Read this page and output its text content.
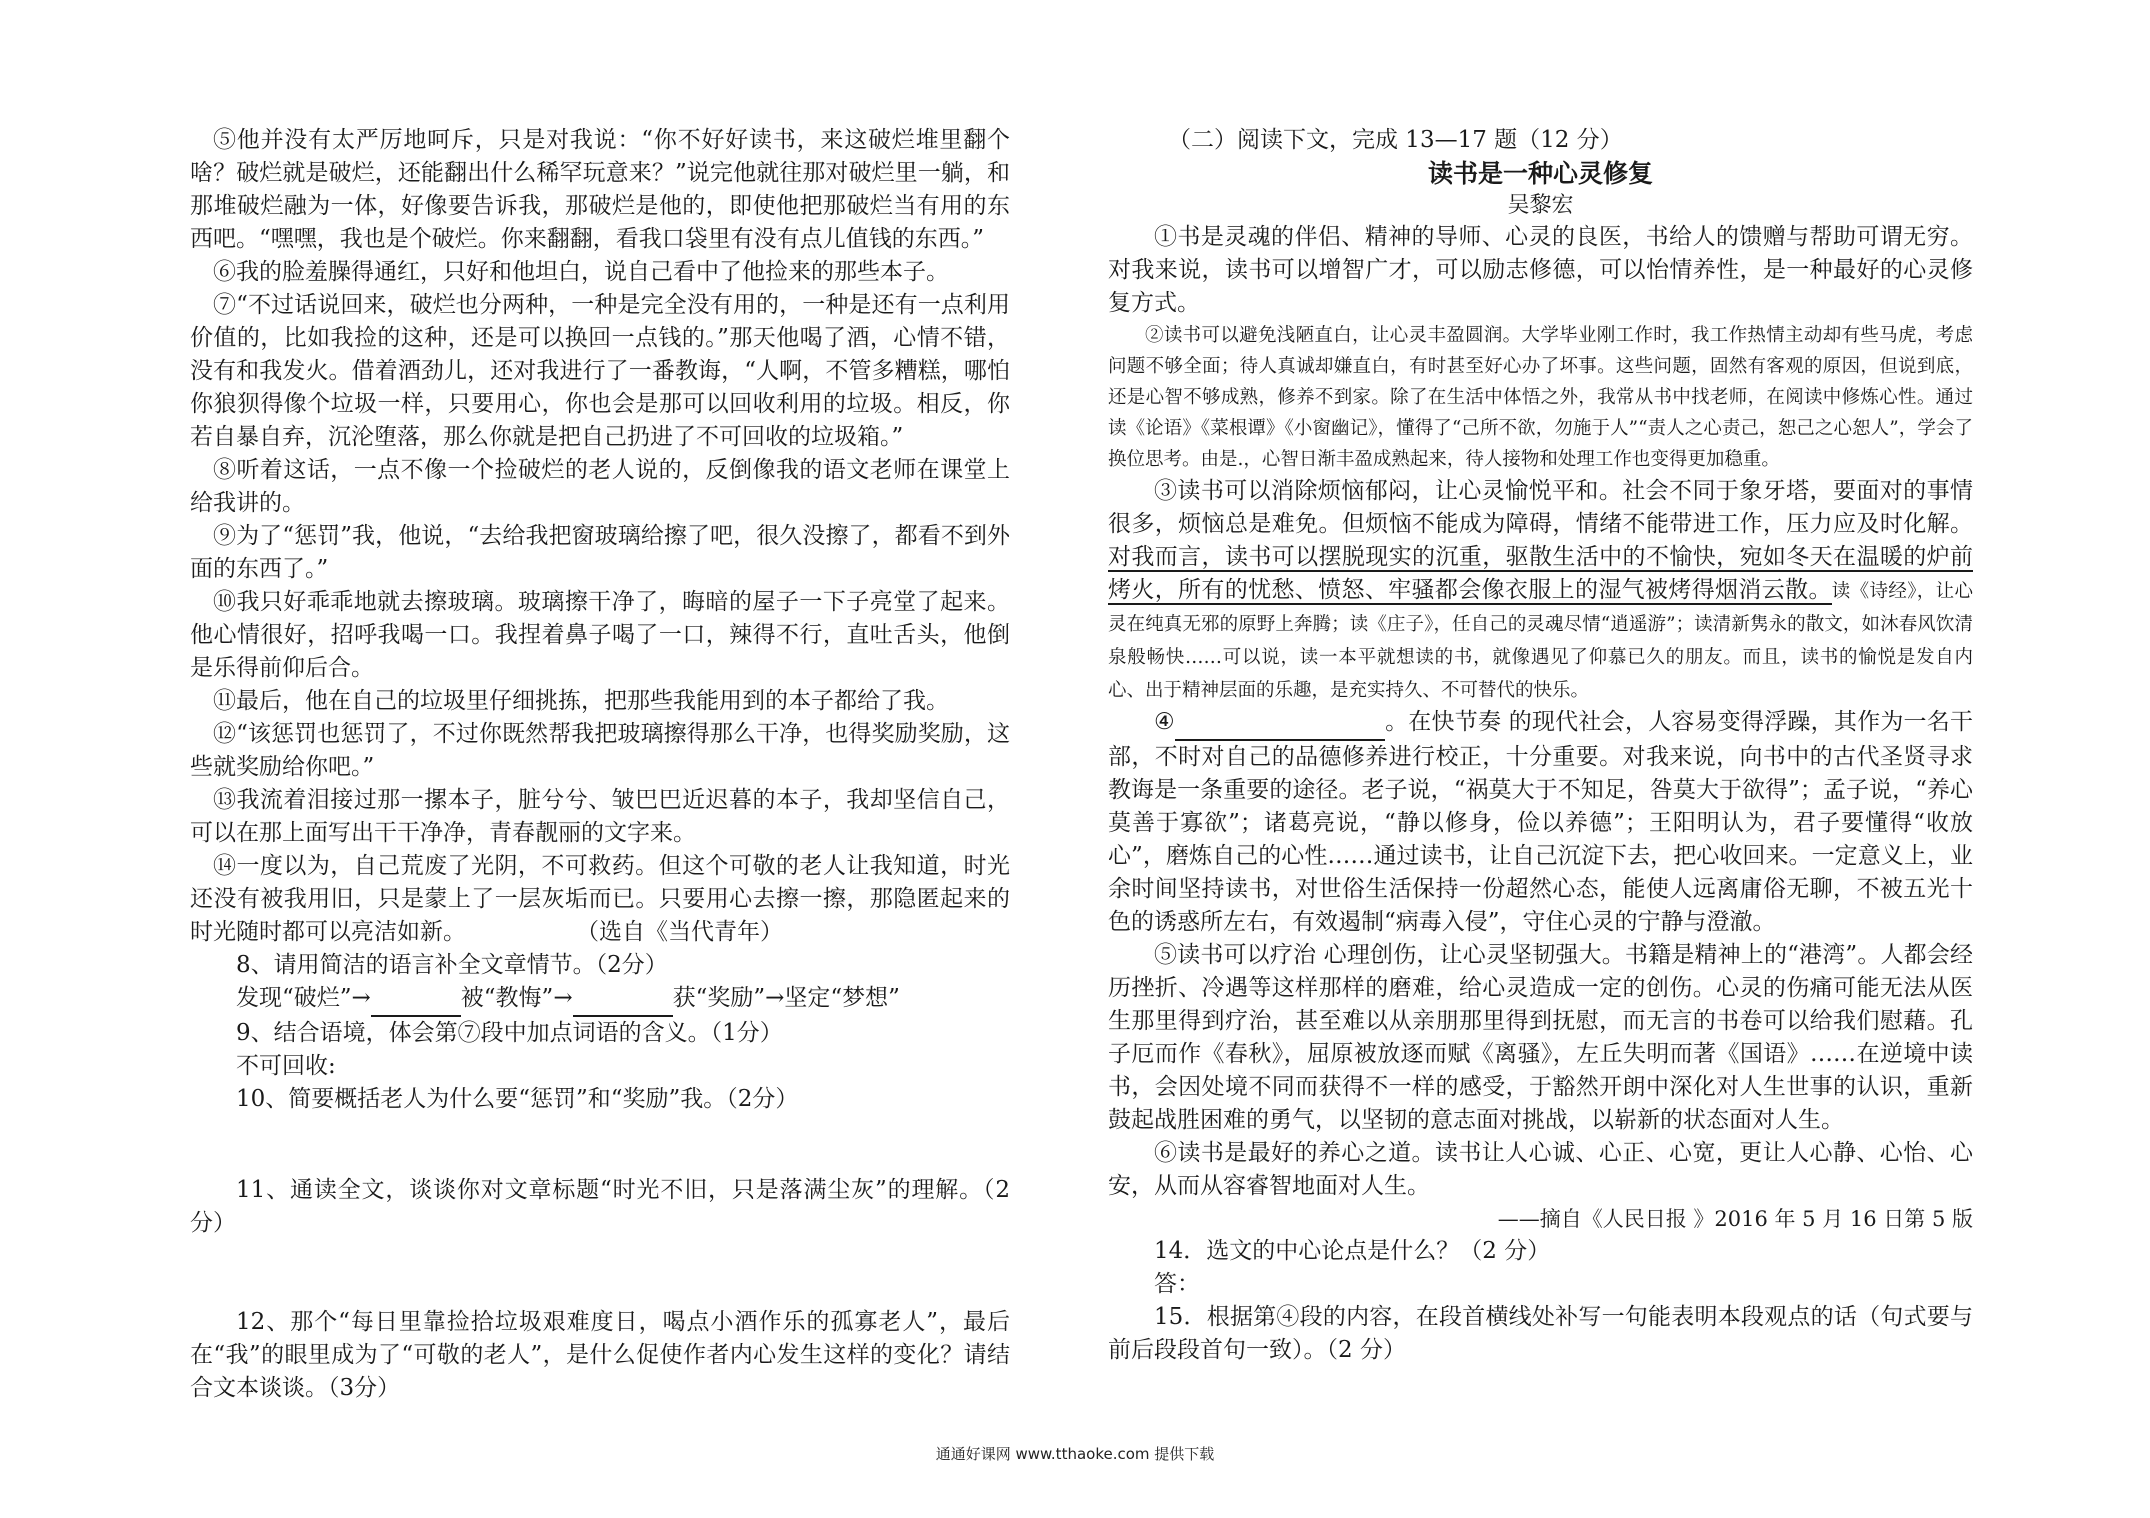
⑤他并没有太严厉地呵斥，只是对我说：“你不好好读书，来这破烂堆里翻个啥？破烂就是破烂，还能翻出什么稀罕玩意来？”说完他就往那对破烂里一躺，和那堆破烂融为一体，好像要告诉我，那破烂是他的，即使他把那破烂当有用的东西吧。“嘿嘿，我也是个破烂。你来翻翻，看我口袋里有没有点儿值钱的东西。”

⑥我的脸羞臊得通红，只好和他坦白，说自己看中了他捡来的那些本子。

⑦“不过话说回来，破烂也分两种，一种是完全没有用的，一种是还有一点利用价值的，比如我捡的这种，还是可以换回一点钱的。”那天他喝了酒，心情不错，没有和我发火。借着酒劲儿，还对我进行了一番教诲，“人啊，不管多糟糕，哪怕你狼狈得像个垃圾一样，只要用心，你也会是那可以回收利用的垃圾。相反，你若自暴自弃，沉沦堕落，那么你就是把自己扔进了不可回收的垃圾箱。”

⑧听着这话，一点不像一个捡破烂的老人说的，反倒像我的语文老师在课堂上给我讲的。

⑨为了“惩罚”我，他说，“去给我把窗玻璃给擦了吧，很久没擦了，都看不到外面的东西了。”

⑩我只好乖乖地就去擦玻璃。玻璃擦干净了，晦暗的屋子一下子亮堂了起来。他心情很好，招呼我喝一口。我捏着鼻子喝了一口，辣得不行，直吐舌头，他倒是乐得前仰后合。

⑪最后，他在自己的垃圾里仔细挑拣，把那些我能用到的本子都给了我。

⑫“该惩罚也惩罚了，不过你既然帮我把玻璃擦得那么干净，也得奖励奖励，这些就奖励给你吧。”

⑬我流着泪接过那一摞本子，脏兮兮、皱巴巴近迟暮的本子，我却坚信自己，可以在那上面写出干干净净，青春靓丽的文字来。

⑭一度以为，自己荒废了光阴，不可救药。但这个可敬的老人让我知道，时光还没有被我用旧，只是蒙上了一层灰垢而已。只要用心去擦一擦，那隐匿起来的时光随时都可以亮洁如新。	（选自《当代青年）

8、请用简洁的语言补全文章情节。（2分）

发现“破烂”→	被“教悔”→	获“奖励”→坚定“梦想”

9、结合语境，体会第⑦段中加点词语的含义。（1分）

不可回收:

10、简要概括老人为什么要“惩罚”和“奖励”我。（2分）

11、通读全文，谈谈你对文章标题“时光不旧，只是落满尘灰”的理解。（2分）

12、那个“每日里靠捡拾垃圾艰难度日，喝点小酒作乐的孤寡老人”，最后在“我”的眼里成为了“可敬的老人”，是什么促使作者内心发生这样的变化？请结合文本谈谈。（3分）

（二）阅读下文，完成 13—17 题（12 分）

读书是一种心灵修复

吴黎宏

①书是灵魂的伴侣、精神的导师、心灵的良医，书给人的馈赠与帮助可谓无穷。对我来说，读书可以增智广才，可以励志修德，可以怡情养性，是一种最好的心灵修复方式。

②读书可以避免浅陋直白，让心灵丰盈圆润。大学毕业刚工作时，我工作热情主动却有些马虎，考虑问题不够全面；待人真诚却嫌直白，有时甚至好心办了坏事。这些问题，固然有客观的原因，但说到底，还是心智不够成熟，修养不到家。除了在生活中体悟之外，我常从书中找老师，在阅读中修炼心性。通过读《论语》《菜根谭》《小窗幽记》，懂得了“己所不欲，勿施于人”“责人之心责己，恕己之心恕人”，学会了换位思考。由是.，心智日渐丰盈成熟起来，待人接物和处理工作也变得更加稳重。

③读书可以消除烦恼郁闷，让心灵愉悦平和。社会不同于象牙塔，要面对的事情很多，烦恼总是难免。但烦恼不能成为障碍，情绪不能带进工作，压力应及时化解。对我而言，读书可以摆脱现实的沉重，驱散生活中的不愉快，宛如冬天在温暖的炉前烤火，所有的忧愁、愤怒、牢骚都会像衣服上的湿气被烤得烟消云散。读《诗经》，让心灵在纯真无邪的原野上奔腾；读《庄子》，任自己的灵魂尽情“逍遥游”；读清新隽永的散文，如沐春风饮清泉般畅快……可以说，读一本平就想读的书，就像遇见了仰慕已久的朋友。而且，读书的愉悦是发自内心、出于精神层面的乐趣，是充实持久、不可替代的快乐。

④	。在快节奏 的现代社会，人容易变得浮躁，其作为一名干部，不时对自己的品德修养进行校正，十分重要。对我来说，向书中的古代圣贤寻求教诲是一条重要的途径。老子说，“祸莫大于不知足，咎莫大于欲得”；孟子说，“养心莫善于寡欲”；诸葛亮说，“静以修身，俭以养德”；王阳明认为，君子要懂得“收放心”，磨炼自己的心性……通过读书，让自己沉淀下去，把心收回来。一定意义上，业余时间坚持读书，对世俗生活保持一份超然心态，能使人远离庸俗无聊，不被五光十色的诱惑所左右，有效遏制“病毒入侵”，守住心灵的宁静与澄澈。

⑤读书可以疗治 心理创伤，让心灵坚韧强大。书籍是精神上的“港湾”。人都会经历挫折、冷遇等这样那样的磨难，给心灵造成一定的创伤。心灵的伤痛可能无法从医生那里得到疗治，甚至难以从亲朋那里得到抚慰，而无言的书卷可以给我们慰藉。孔子厄而作《春秋》，屈原被放逐而赋《离骚》，左丘失明而著《国语》……在逆境中读书，会因处境不同而获得不一样的感受，于豁然开朗中深化对人生世事的认识，重新鼓起战胜困难的勇气，以坚韧的意志面对挑战，以崭新的状态面对人生。

⑥读书是最好的养心之道。读书让人心诚、心正、心宽，更让人心静、心怡、心安，从而从容睿智地面对人生。

——摘自《人民日报 》2016 年 5 月 16 日第 5 版

14．选文的中心论点是什么？（2 分）

答：

15．根据第④段的内容，在段首横线处补写一句能表明本段观点的话（句式要与前后段段首句一致）。（2 分）

通通好课网 www.tthaoke.com 提供下载
